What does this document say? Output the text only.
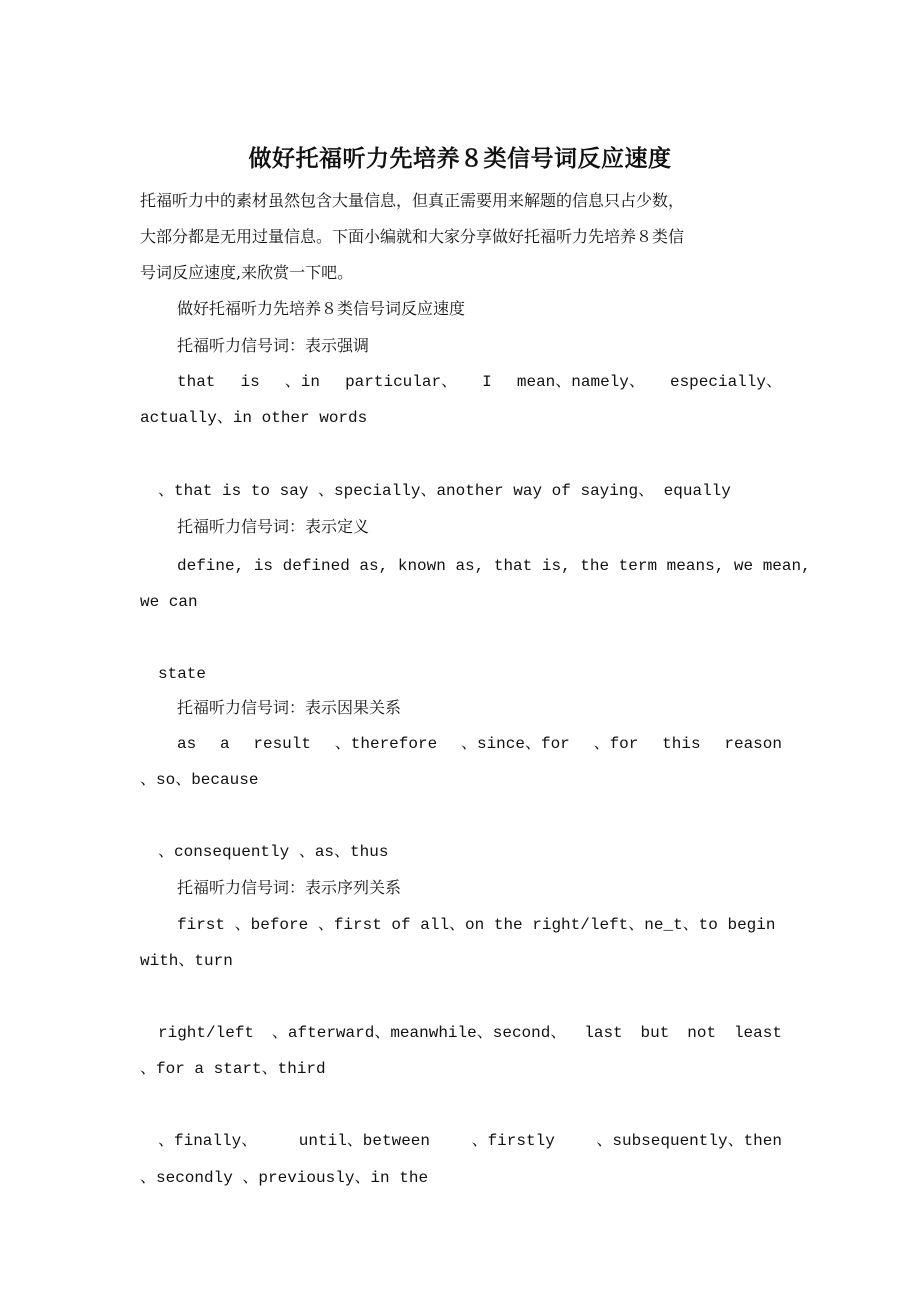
做好托福听力先培养８类信号词反应速度
托福听力中的素材虽然包含大量信息，但真正需要用来解题的信息只占少数，
大部分都是无用过量信息。下面小编就和大家分享做好托福听力先培养８类信
号词反应速度,来欣赏一下吧。
做好托福听力先培养８类信号词反应速度
托福听力信号词：表示强调
that is 、in particular、 I mean、namely、 especially、
actually、in other words
、that is to say 、specially、another way of saying、 equally
托福听力信号词：表示定义
define, is defined as, known as, that is, the term means, we mean,
we can
state
托福听力信号词：表示因果关系
as a result 、therefore 、since、for 、for this reason
、so、because
、consequently 、as、thus
托福听力信号词：表示序列关系
first 、before 、first of all、on the right/left、ne_t、to begin
with、turn
right/left 、afterward、meanwhile、second、 last but not least
、for a start、third
、finally、	until、between	、firstly	、subsequently、then
、secondly 、previously、in the
